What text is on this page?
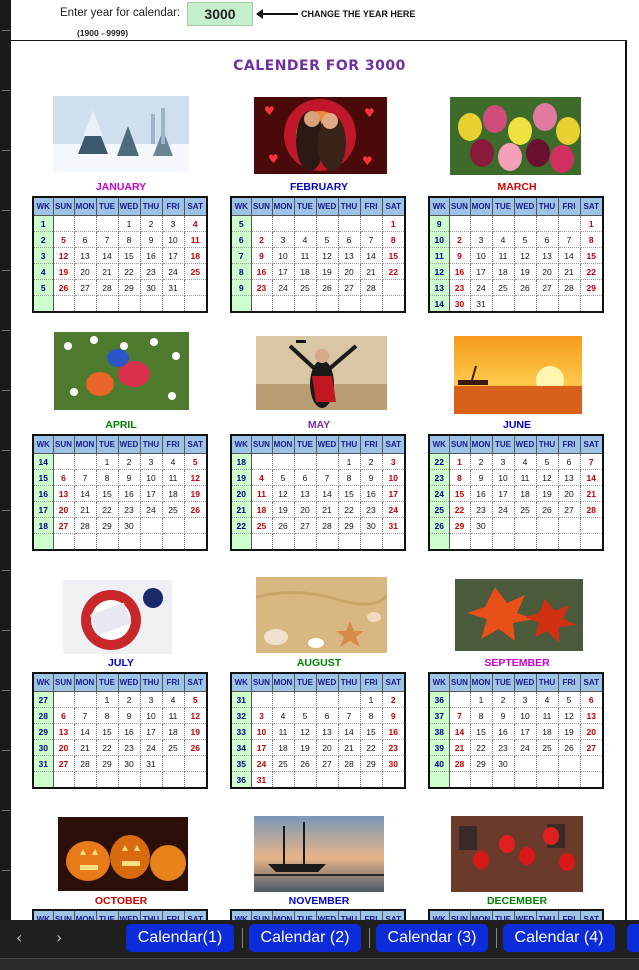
Enter year for calendar:	3000	CHANGE THE YEAR HERE
(1900 - 9999)
CALENDER FOR 3000
♥	♥
♥	♥
JANUARY	FEBRUARY	MARCH
APRIL	MAY	JUNE
JULY	AUGUST	SEPTEMBER
OCTOBER	NOVEMBER	DECEMBER
WK	SUN	MON	TUE	WED	THU	FRI	SAT
1				1	2	3	4
2	5	6	7	8	9	10	11
3	12	13	14	15	16	17	18
4	19	20	21	22	23	24	25
5	26	27	28	29	30	31	

WK	SUN	MON	TUE	WED	THU	FRI	SAT
5							1
6	2	3	4	5	6	7	8
7	9	10	11	12	13	14	15
8	16	17	18	19	20	21	22
9	23	24	25	26	27	28	

WK	SUN	MON	TUE	WED	THU	FRI	SAT
9							1
10	2	3	4	5	6	7	8
11	9	10	11	12	13	14	15
12	16	17	18	19	20	21	22
13	23	24	25	26	27	28	29
14	30	31					
WK	SUN	MON	TUE	WED	THU	FRI	SAT
14			1	2	3	4	5
15	6	7	8	9	10	11	12
16	13	14	15	16	17	18	19
17	20	21	22	23	24	25	26
18	27	28	29	30			

WK	SUN	MON	TUE	WED	THU	FRI	SAT
18					1	2	3
19	4	5	6	7	8	9	10
20	11	12	13	14	15	16	17
21	18	19	20	21	22	23	24
22	25	26	27	28	29	30	31

WK	SUN	MON	TUE	WED	THU	FRI	SAT
22	1	2	3	4	5	6	7
23	8	9	10	11	12	13	14
24	15	16	17	18	19	20	21
25	22	23	24	25	26	27	28
26	29	30					

WK	SUN	MON	TUE	WED	THU	FRI	SAT
27			1	2	3	4	5
28	6	7	8	9	10	11	12
29	13	14	15	16	17	18	19
30	20	21	22	23	24	25	26
31	27	28	29	30	31		

WK	SUN	MON	TUE	WED	THU	FRI	SAT
31						1	2
32	3	4	5	6	7	8	9
33	10	11	12	13	14	15	16
34	17	18	19	20	21	22	23
35	24	25	26	27	28	29	30
36	31						
WK	SUN	MON	TUE	WED	THU	FRI	SAT
36		1	2	3	4	5	6
37	7	8	9	10	11	12	13
38	14	15	16	17	18	19	20
39	21	22	23	24	25	26	27
40	28	29	30				

‹ ›	Calendar(1)	Calendar (2)	Calendar (3)	Calendar (4)
